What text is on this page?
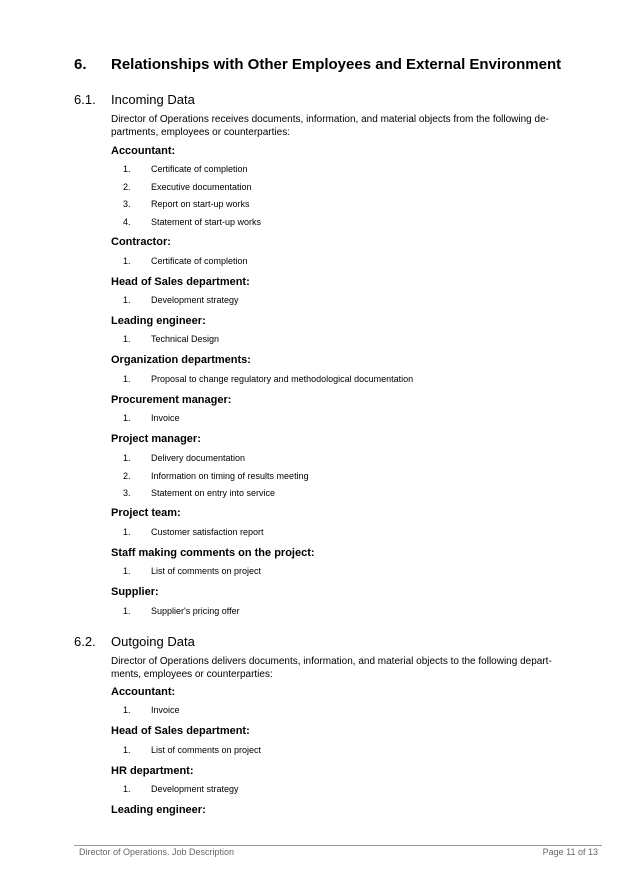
6. Relationships with Other Employees and External Environment
6.1. Incoming Data
Director of Operations receives documents, information, and material objects from the following de-
partments, employees or counterparties:
Accountant:
1. Certificate of completion
2. Executive documentation
3. Report on start-up works
4. Statement of start-up works
Contractor:
1. Certificate of completion
Head of Sales department:
1. Development strategy
Leading engineer:
1. Technical Design
Organization departments:
1. Proposal to change regulatory and methodological documentation
Procurement manager:
1. Invoice
Project manager:
1. Delivery documentation
2. Information on timing of results meeting
3. Statement on entry into service
Project team:
1. Customer satisfaction report
Staff making comments on the project:
1. List of comments on project
Supplier:
1. Supplier's pricing offer
6.2. Outgoing Data
Director of Operations delivers documents, information, and material objects to the following depart-
ments, employees or counterparties:
Accountant:
1. Invoice
Head of Sales department:
1. List of comments on project
HR department:
1. Development strategy
Leading engineer:
Director of Operations. Job Description	Page 11 of 13
